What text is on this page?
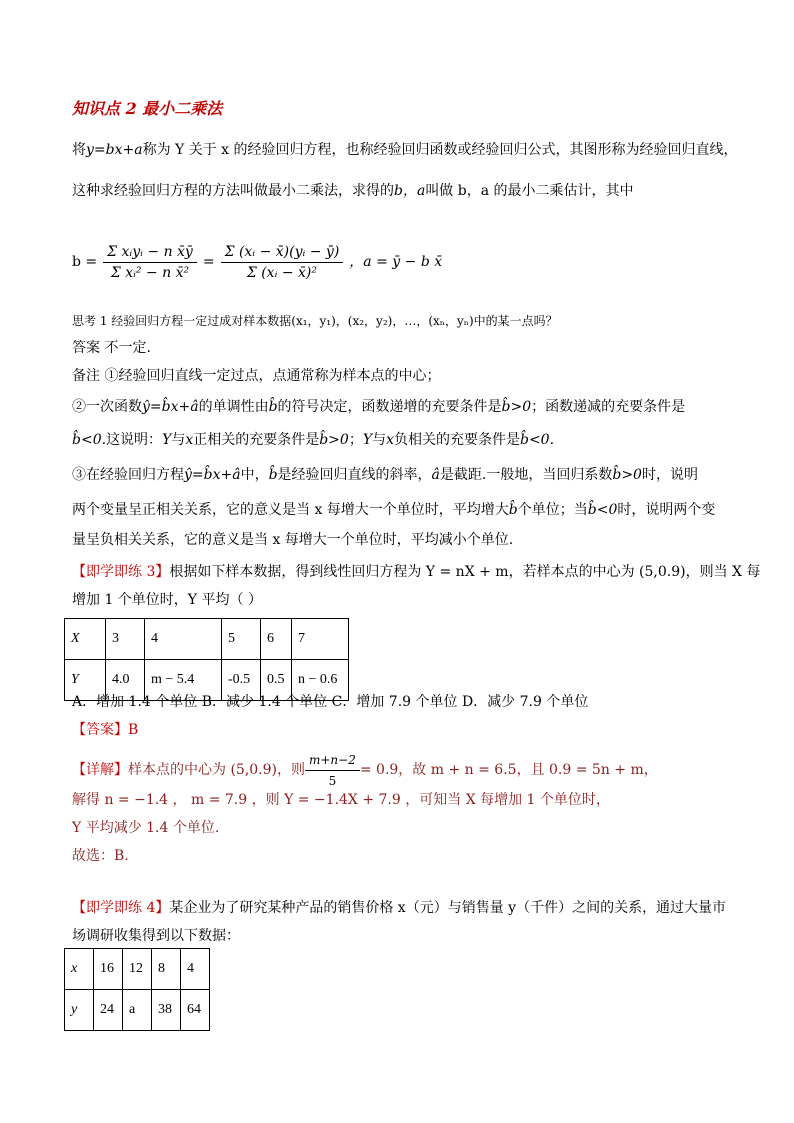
知识点 2 最小二乘法
将y=bx+a称为 Y 关于 x 的经验回归方程，也称经验回归函数或经验回归公式，其图形称为经验回归直线，
这种求经验回归方程的方法叫做最小二乘法，求得的b，a叫做 b，a 的最小二乘估计，其中
$b = \frac{\text{Σ xᵢyᵢ − n x̄ȳ}}{\text{Σ xᵢ² − n x̄²}} = \frac{\text{Σ (xᵢ − x̄)(yᵢ − ȳ)}}{\text{Σ (xᵢ − x̄)²}}$ ，a = ȳ − b x̄
思考 1 经验回归方程一定过成对样本数据(x₁，y₁)，(x₂，y₂)，…，(xₙ，yₙ)中的某一点吗？
答案 不一定.
备注 ①经验回归直线一定过点，点通常称为样本点的中心；
②一次函数ŷ=b̂x+â的单调性由b̂的符号决定，函数递增的充要条件是b̂>0；函数递减的充要条件是
b̂<0.这说明：Y与x正相关的充要条件是b̂>0；Y与x负相关的充要条件是b̂<0.
③在经验回归方程ŷ=b̂x+â中，b̂是经验回归直线的斜率，â是截距.一般地，当回归系数b̂>0时，说明
两个变量呈正相关关系，它的意义是当 x 每增大一个单位时，平均增大b̂个单位；当b̂<0时，说明两个变
量呈负相关关系，它的意义是当 x 每增大一个单位时，平均减小个单位.
【即学即练 3】根据如下样本数据，得到线性回归方程为 Y = nX + m，若样本点的中心为 (5,0.9)，则当 X 每
增加 1 个单位时，Y 平均（ ）
X	3	4	5	6	7
Y	4.0	m − 5.4	-0.5	0.5	n − 0.6
A．增加 1.4 个单位 B．减少 1.4 个单位 C．增加 7.9 个单位 D．减少 7.9 个单位
【答案】B
【详解】 样本点的中心为 (5,0.9)，则 $\frac{m+n-2}{5} = 0.9$，故 m + n = 6.5，且 0.9 = 5n + m，
解得 n = −1.4 ， m = 7.9 ，则 Y = −1.4X + 7.9 ，可知当 X 每增加 1 个单位时，
Y 平均减少 1.4 个单位.
故选：B.
【即学即练 4】某企业为了研究某种产品的销售价格 x（元）与销售量 y（千件）之间的关系，通过大量市
场调研收集得到以下数据：
x	16	12	8	4
y	24	a	38	64
